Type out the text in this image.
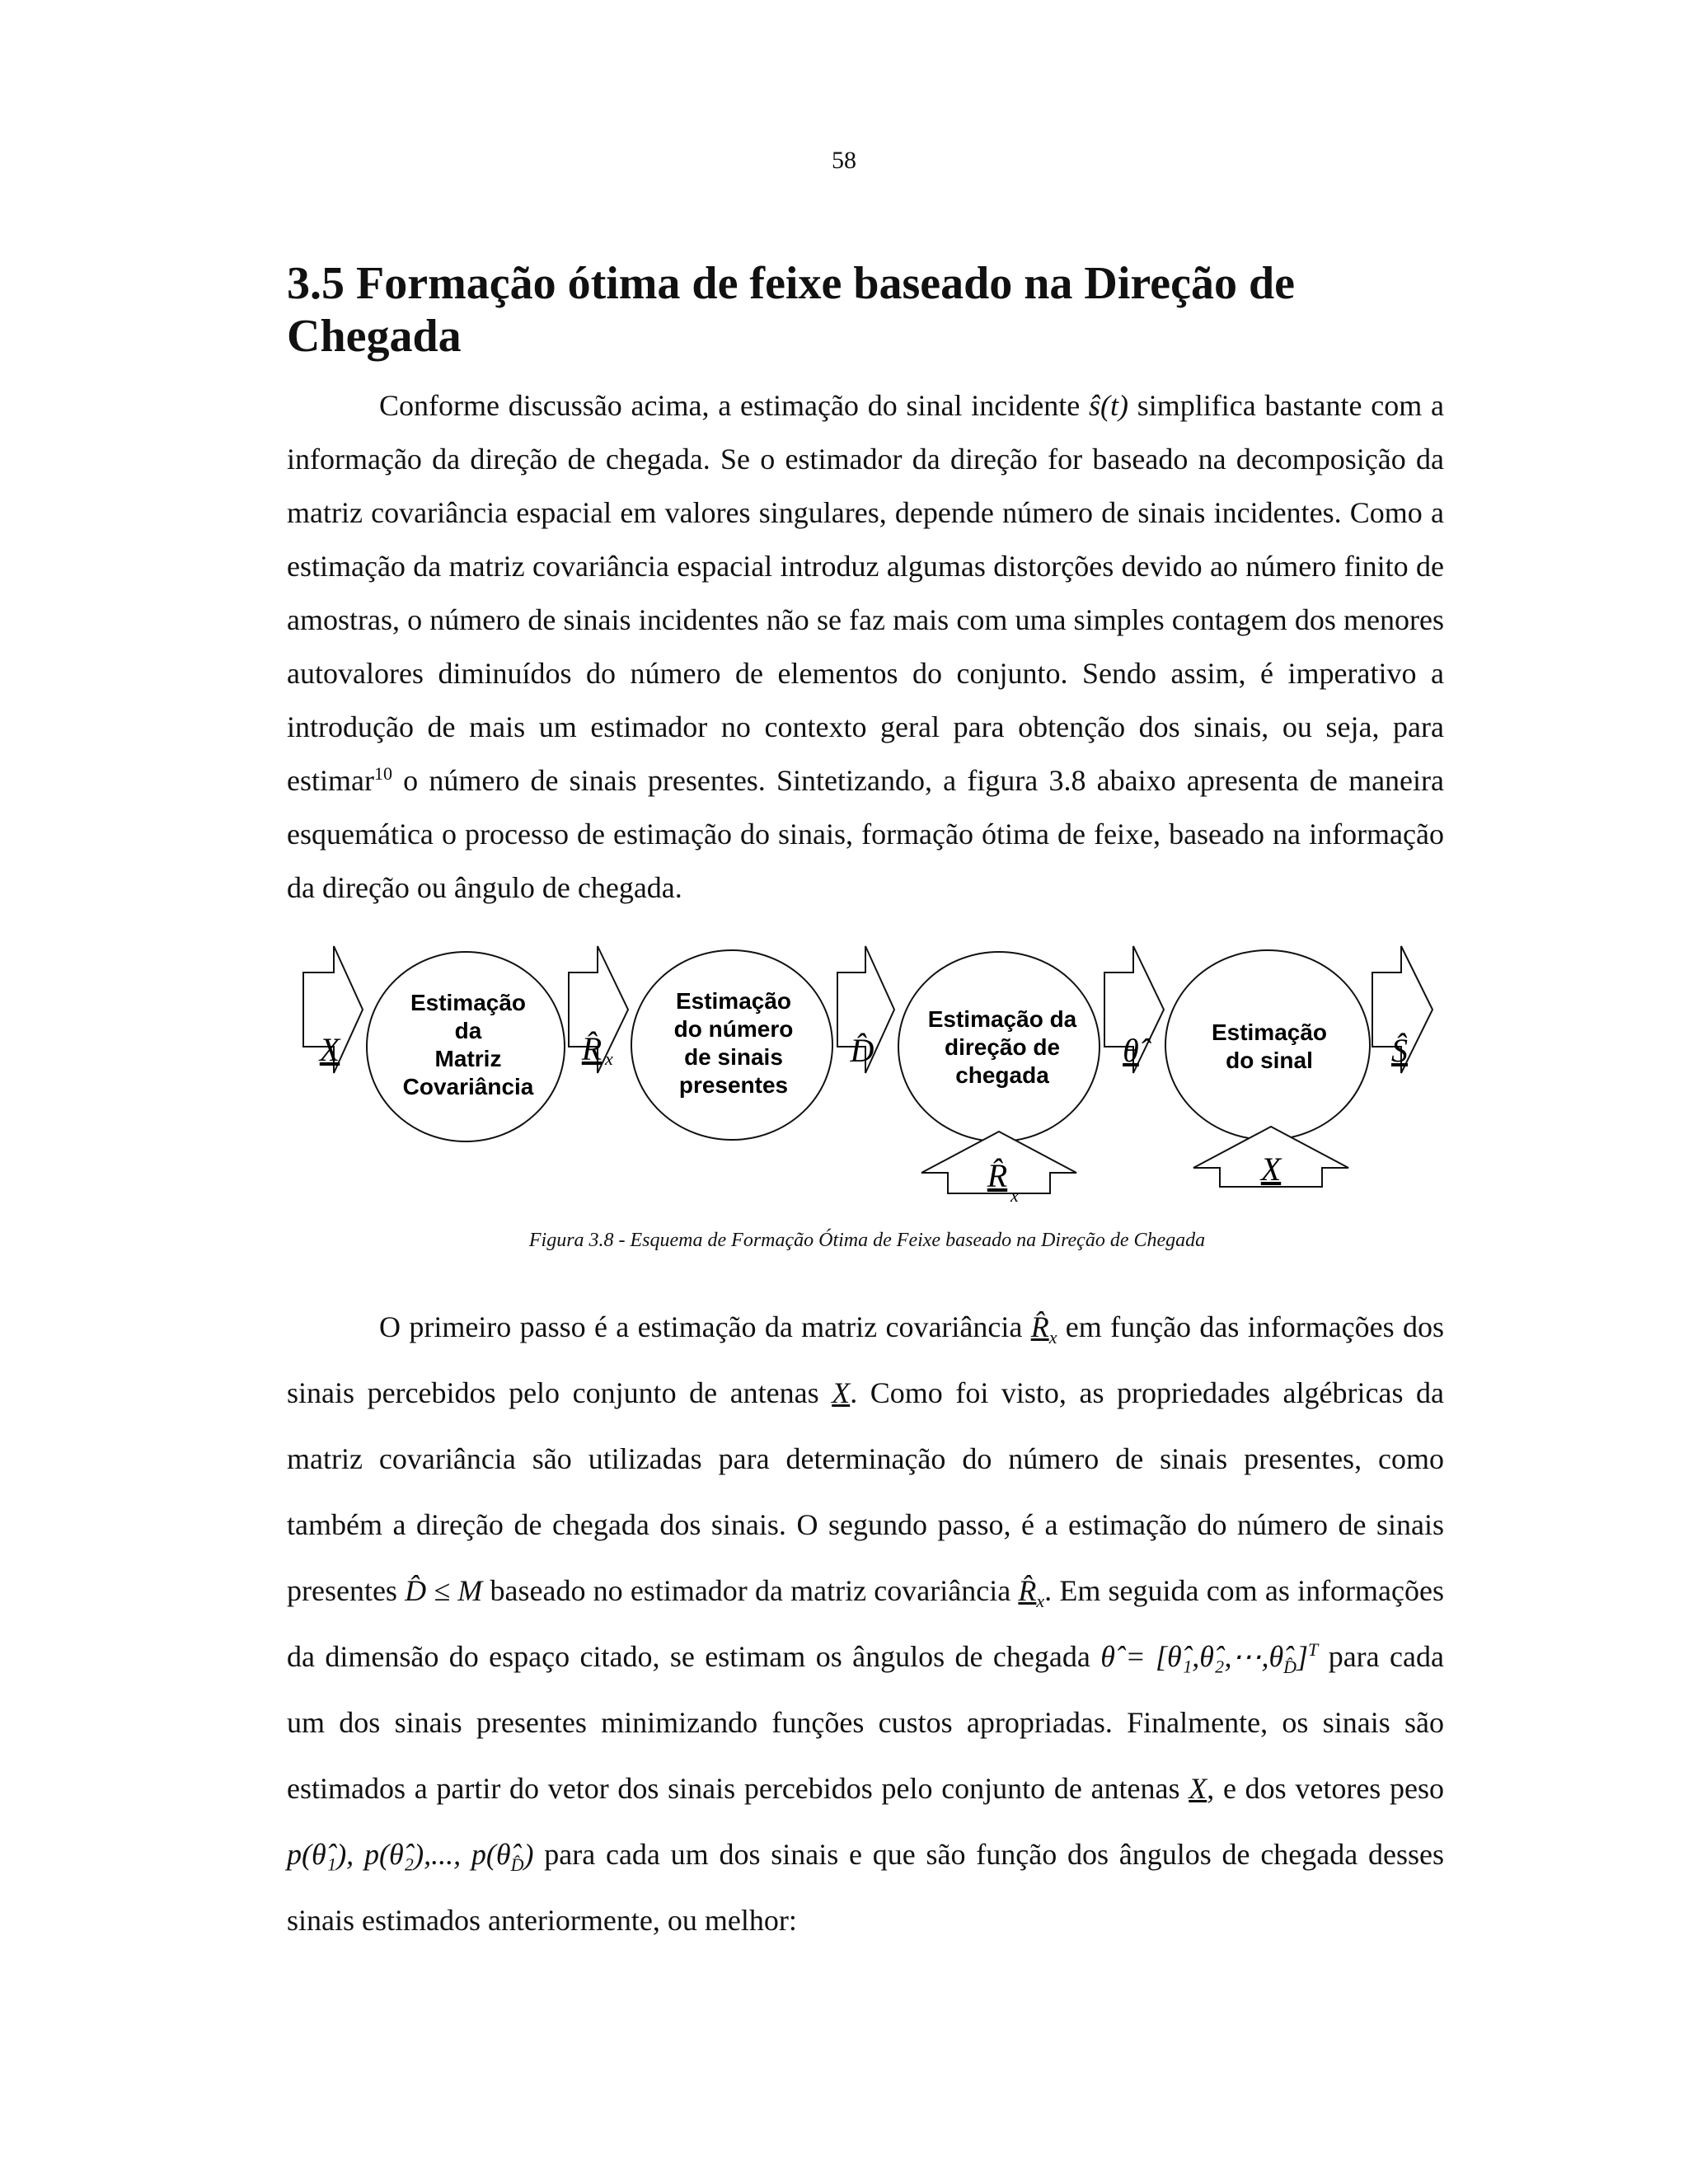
58
3.5 Formação ótima de feixe baseado na Direção de Chegada

Conforme discussão acima, a estimação do sinal incidente ŝ(t) simplifica bastante com a informação da direção de chegada. Se o estimador da direção for baseado na decomposição da matriz covariância espacial em valores singulares, depende número de sinais incidentes. Como a estimação da matriz covariância espacial introduz algumas distorções devido ao número finito de amostras, o número de sinais incidentes não se faz mais com uma simples contagem dos menores autovalores diminuídos do número de elementos do conjunto. Sendo assim, é imperativo a introdução de mais um estimador no contexto geral para obtenção dos sinais, ou seja, para estimar$^{10}$ o número de sinais presentes. Sintetizando, a figura 3.8 abaixo apresenta de maneira esquemática o processo de estimação do sinais, formação ótima de feixe, baseado na informação da direção ou ângulo de chegada.

Estimação
da
Matriz
Covariância
Estimação
do número
de sinais
presentes
Estimação da
direção de
chegada
Estimação
do sinal
X	R̂ x	D̂	θ̂	Ŝ
R̂
x
X
Figura 3.8 - Esquema de Formação Ótima de Feixe baseado na Direção de Chegada

O primeiro passo é a estimação da matriz covariância $R̂_x$ em função das informações dos sinais percebidos pelo conjunto de antenas X. Como foi visto, as propriedades algébricas da matriz covariância são utilizadas para determinação do número de sinais presentes, como também a direção de chegada dos sinais. O segundo passo, é a estimação do número de sinais presentes D̂ ≤ M baseado no estimador da matriz covariância $R̂_x$. Em seguida com as informações da dimensão do espaço citado, se estimam os ângulos de chegada θ̂ = $[\thetâ_1,\thetâ_2,\cdots,\thetâ_{D̂}]^T$ para cada um dos sinais presentes minimizando funções custos apropriadas. Finalmente, os sinais são estimados a partir do vetor dos sinais percebidos pelo conjunto de antenas X, e dos vetores peso p(θ̂₁), p(θ̂₂),..., $p(\thetâ_{D̂})$ para cada um dos sinais e que são função dos ângulos de chegada desses sinais estimados anteriormente, ou melhor:
